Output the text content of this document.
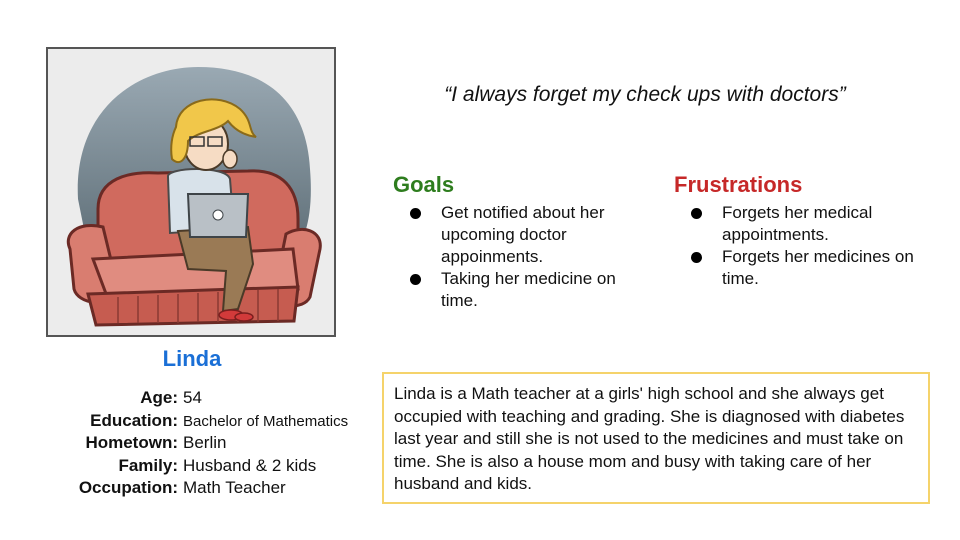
Linda
Age: 54
Education: Bachelor of Mathematics
Hometown: Berlin
Family: Husband & 2 kids
Occupation: Math Teacher
“I always forget my check ups with doctors”
Goals
Get notified about her upcoming doctor appoinments.
Taking her medicine on time.
Frustrations
Forgets her medical appointments.
Forgets her medicines on time.
Linda is a Math teacher at a girls' high school and she always get occupied with teaching and grading. She is diagnosed with diabetes last year and still she is not used to the medicines and must take on time. She is also a house mom and busy with taking care of her husband and kids.
